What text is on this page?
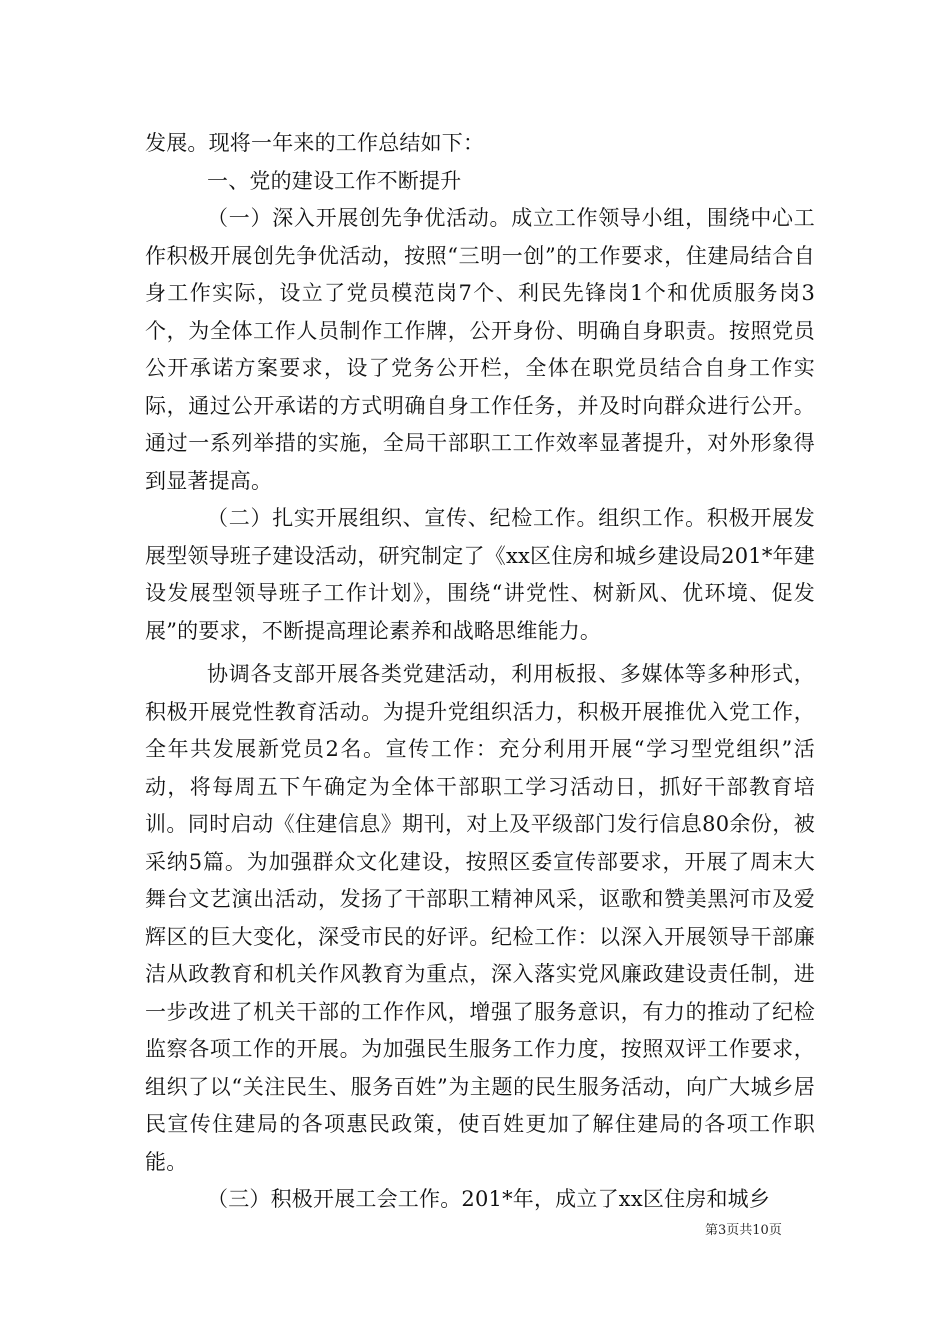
发展。现将一年来的工作总结如下：

一、党的建设工作不断提升

（一）深入开展创先争优活动。成立工作领导小组，围绕中心工作积极开展创先争优活动，按照“三明一创”的工作要求，住建局结合自身工作实际，设立了党员模范岗7个、利民先锋岗1个和优质服务岗3个，为全体工作人员制作工作牌，公开身份、明确自身职责。按照党员公开承诺方案要求，设了党务公开栏，全体在职党员结合自身工作实际，通过公开承诺的方式明确自身工作任务，并及时向群众进行公开。通过一系列举措的实施，全局干部职工工作效率显著提升，对外形象得到显著提高。

（二）扎实开展组织、宣传、纪检工作。组织工作。积极开展发展型领导班子建设活动，研究制定了《xx区住房和城乡建设局201*年建设发展型领导班子工作计划》，围绕“讲党性、树新风、优环境、促发展”的要求，不断提高理论素养和战略思维能力。

协调各支部开展各类党建活动，利用板报、多媒体等多种形式，积极开展党性教育活动。为提升党组织活力，积极开展推优入党工作，全年共发展新党员2名。宣传工作：充分利用开展“学习型党组织”活动，将每周五下午确定为全体干部职工学习活动日，抓好干部教育培训。同时启动《住建信息》期刊，对上及平级部门发行信息80余份，被采纳5篇。为加强群众文化建设，按照区委宣传部要求，开展了周末大舞台文艺演出活动，发扬了干部职工精神风采，讴歌和赞美黑河市及爱辉区的巨大变化，深受市民的好评。纪检工作：以深入开展领导干部廉洁从政教育和机关作风教育为重点，深入落实党风廉政建设责任制，进一步改进了机关干部的工作作风，增强了服务意识，有力的推动了纪检监察各项工作的开展。为加强民生服务工作力度，按照双评工作要求，组织了以“关注民生、服务百姓”为主题的民生服务活动，向广大城乡居民宣传住建局的各项惠民政策，使百姓更加了解住建局的各项工作职能。

（三）积极开展工会工作。201*年，成立了xx区住房和城乡

第3页共10页
